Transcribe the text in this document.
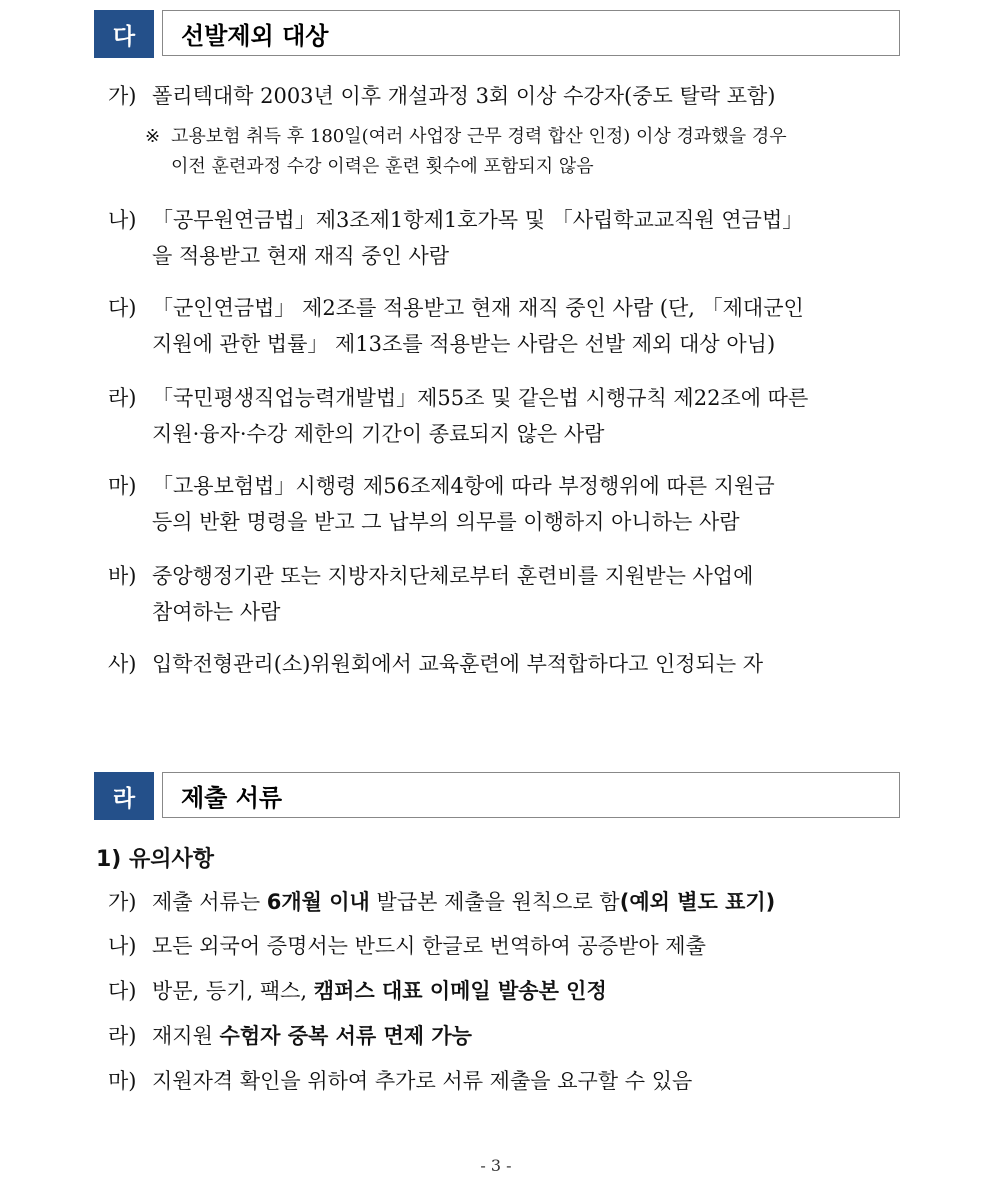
다	선발제외 대상
가) 폴리텍대학 2003년 이후 개설과정 3회 이상 수강자(중도 탈락 포함)
※ 고용보험 취득 후 180일(여러 사업장 근무 경력 합산 인정) 이상 경과했을 경우
이전 훈련과정 수강 이력은 훈련 횟수에 포함되지 않음
나) 「공무원연금법」제3조제1항제1호가목 및 「사립학교교직원 연금법」
을 적용받고 현재 재직 중인 사람
다) 「군인연금법」 제2조를 적용받고 현재 재직 중인 사람 (단, 「제대군인
지원에 관한 법률」 제13조를 적용받는 사람은 선발 제외 대상 아님)
라) 「국민평생직업능력개발법」제55조 및 같은법 시행규칙 제22조에 따른
지원·융자·수강 제한의 기간이 종료되지 않은 사람
마) 「고용보험법」시행령 제56조제4항에 따라 부정행위에 따른 지원금
등의 반환 명령을 받고 그 납부의 의무를 이행하지 아니하는 사람
바) 중앙행정기관 또는 지방자치단체로부터 훈련비를 지원받는 사업에
참여하는 사람
사) 입학전형관리(소)위원회에서 교육훈련에 부적합하다고 인정되는 자
라	제출 서류
1) 유의사항
가) 제출 서류는 6개월 이내 발급본 제출을 원칙으로 함(예외 별도 표기)
나) 모든 외국어 증명서는 반드시 한글로 번역하여 공증받아 제출
다) 방문, 등기, 팩스, 캠퍼스 대표 이메일 발송본 인정
라) 재지원 수험자 중복 서류 면제 가능
마) 지원자격 확인을 위하여 추가로 서류 제출을 요구할 수 있음
- 3 -
